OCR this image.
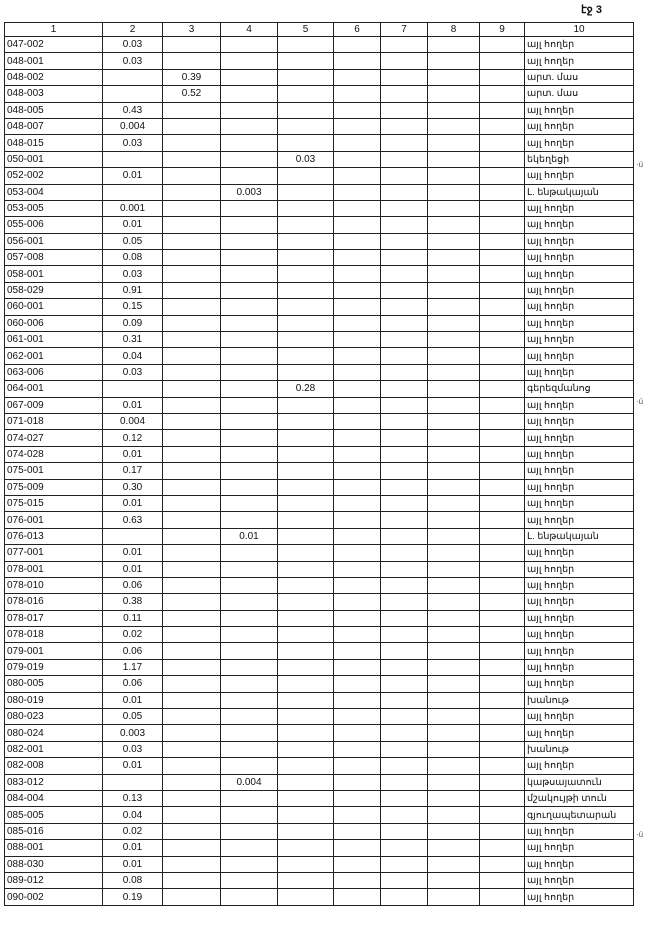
էջ 3
1	2	3	4	5	6	7	8	9	10
047-002	0.03								այլ հողեր
048-001	0.03								այլ հողեր
048-002		0.39							արտ. մաս
048-003		0.52							արտ. մաս
048-005	0.43								այլ հողեր
048-007	0.004								այլ հողեր
048-015	0.03								այլ հողեր
050-001				0.03					եկեղեցի
052-002	0.01								այլ հողեր
053-004			0.003						Լ. ենթակայան
053-005	0.001								այլ հողեր
055-006	0.01								այլ հողեր
056-001	0.05								այլ հողեր
057-008	0.08								այլ հողեր
058-001	0.03								այլ հողեր
058-029	0.91								այլ հողեր
060-001	0.15								այլ հողեր
060-006	0.09								այլ հողեր
061-001	0.31								այլ հողեր
062-001	0.04								այլ հողեր
063-006	0.03								այլ հողեր
064-001				0.28					գերեզմանոց
067-009	0.01								այլ հողեր
071-018	0.004								այլ հողեր
074-027	0.12								այլ հողեր
074-028	0.01								այլ հողեր
075-001	0.17								այլ հողեր
075-009	0.30								այլ հողեր
075-015	0.01								այլ հողեր
076-001	0.63								այլ հողեր
076-013			0.01						Լ. ենթակայան
077-001	0.01								այլ հողեր
078-001	0.01								այլ հողեր
078-010	0.06								այլ հողեր
078-016	0.38								այլ հողեր
078-017	0.11								այլ հողեր
078-018	0.02								այլ հողեր
079-001	0.06								այլ հողեր
079-019	1.17								այլ հողեր
080-005	0.06								այլ հողեր
080-019	0.01								խանութ
080-023	0.05								այլ հողեր
080-024	0.003								այլ հողեր
082-001	0.03								խանութ
082-008	0.01								այլ հողեր
083-012			0.004						կաթսայատուն
084-004	0.13								մշակույթի տուն
085-005	0.04								գյուղապետարան
085-016	0.02								այլ հողեր
088-001	0.01								այլ հողեր
088-030	0.01								այլ հողեր
089-012	0.08								այլ հողեր
090-002	0.19								այլ հողեր
·ú
·ú
·ú
